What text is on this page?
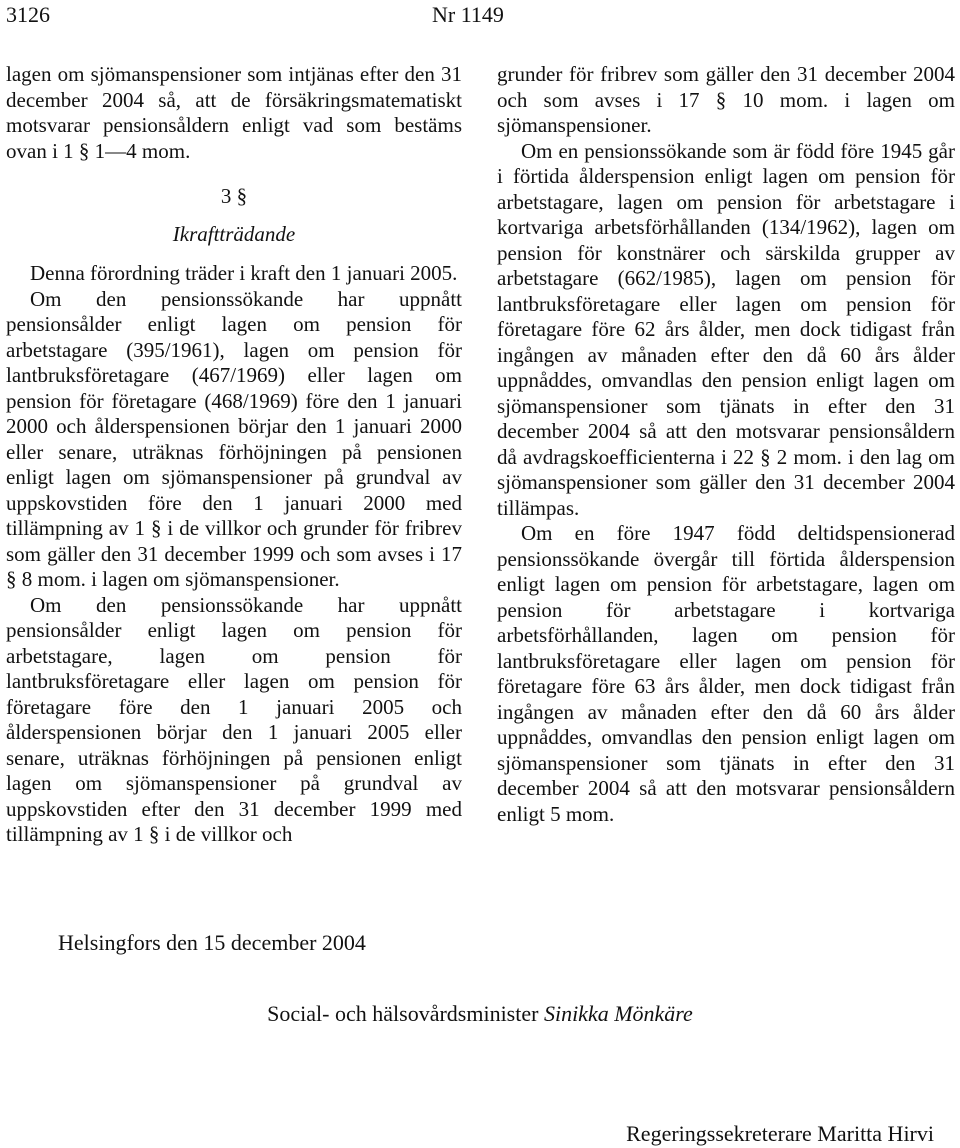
3126	Nr 1149

lagen om sjömanspensioner som intjänas efter den 31 december 2004 så, att de försäkringsmatematiskt motsvarar pensionsåldern enligt vad som bestäms ovan i 1 § 1—4 mom.

3 §
Ikraftträdande

Denna förordning träder i kraft den 1 januari 2005.

Om den pensionssökande har uppnått pensionsålder enligt lagen om pension för arbetstagare (395/1961), lagen om pension för lantbruksföretagare (467/1969) eller lagen om pension för företagare (468/1969) före den 1 januari 2000 och ålderspensionen börjar den 1 januari 2000 eller senare, uträknas förhöjningen på pensionen enligt lagen om sjömanspensioner på grundval av uppskovstiden före den 1 januari 2000 med tillämpning av 1 § i de villkor och grunder för fribrev som gäller den 31 december 1999 och som avses i 17 § 8 mom. i lagen om sjömanspensioner.

Om den pensionssökande har uppnått pensionsålder enligt lagen om pension för arbetstagare, lagen om pension för lantbruksföretagare eller lagen om pension för företagare före den 1 januari 2005 och ålderspensionen börjar den 1 januari 2005 eller senare, uträknas förhöjningen på pensionen enligt lagen om sjömanspensioner på grundval av uppskovstiden efter den 31 december 1999 med tillämpning av 1 § i de villkor och

grunder för fribrev som gäller den 31 december 2004 och som avses i 17 § 10 mom. i lagen om sjömanspensioner.

Om en pensionssökande som är född före 1945 går i förtida ålderspension enligt lagen om pension för arbetstagare, lagen om pension för arbetstagare i kortvariga arbetsförhållanden (134/1962), lagen om pension för konstnärer och särskilda grupper av arbetstagare (662/1985), lagen om pension för lantbruksföretagare eller lagen om pension för företagare före 62 års ålder, men dock tidigast från ingången av månaden efter den då 60 års ålder uppnåddes, omvandlas den pension enligt lagen om sjömanspensioner som tjänats in efter den 31 december 2004 så att den motsvarar pensionsåldern då avdragskoefficienterna i 22 § 2 mom. i den lag om sjömanspensioner som gäller den 31 december 2004 tillämpas.

Om en före 1947 född deltidspensionerad pensionssökande övergår till förtida ålderspension enligt lagen om pension för arbetstagare, lagen om pension för arbetstagare i kortvariga arbetsförhållanden, lagen om pension för lantbruksföretagare eller lagen om pension för företagare före 63 års ålder, men dock tidigast från ingången av månaden efter den då 60 års ålder uppnåddes, omvandlas den pension enligt lagen om sjömanspensioner som tjänats in efter den 31 december 2004 så att den motsvarar pensionsåldern enligt 5 mom.

Helsingfors den 15 december 2004
Social- och hälsovårdsminister Sinikka Mönkäre
Regeringssekreterare Maritta Hirvi
